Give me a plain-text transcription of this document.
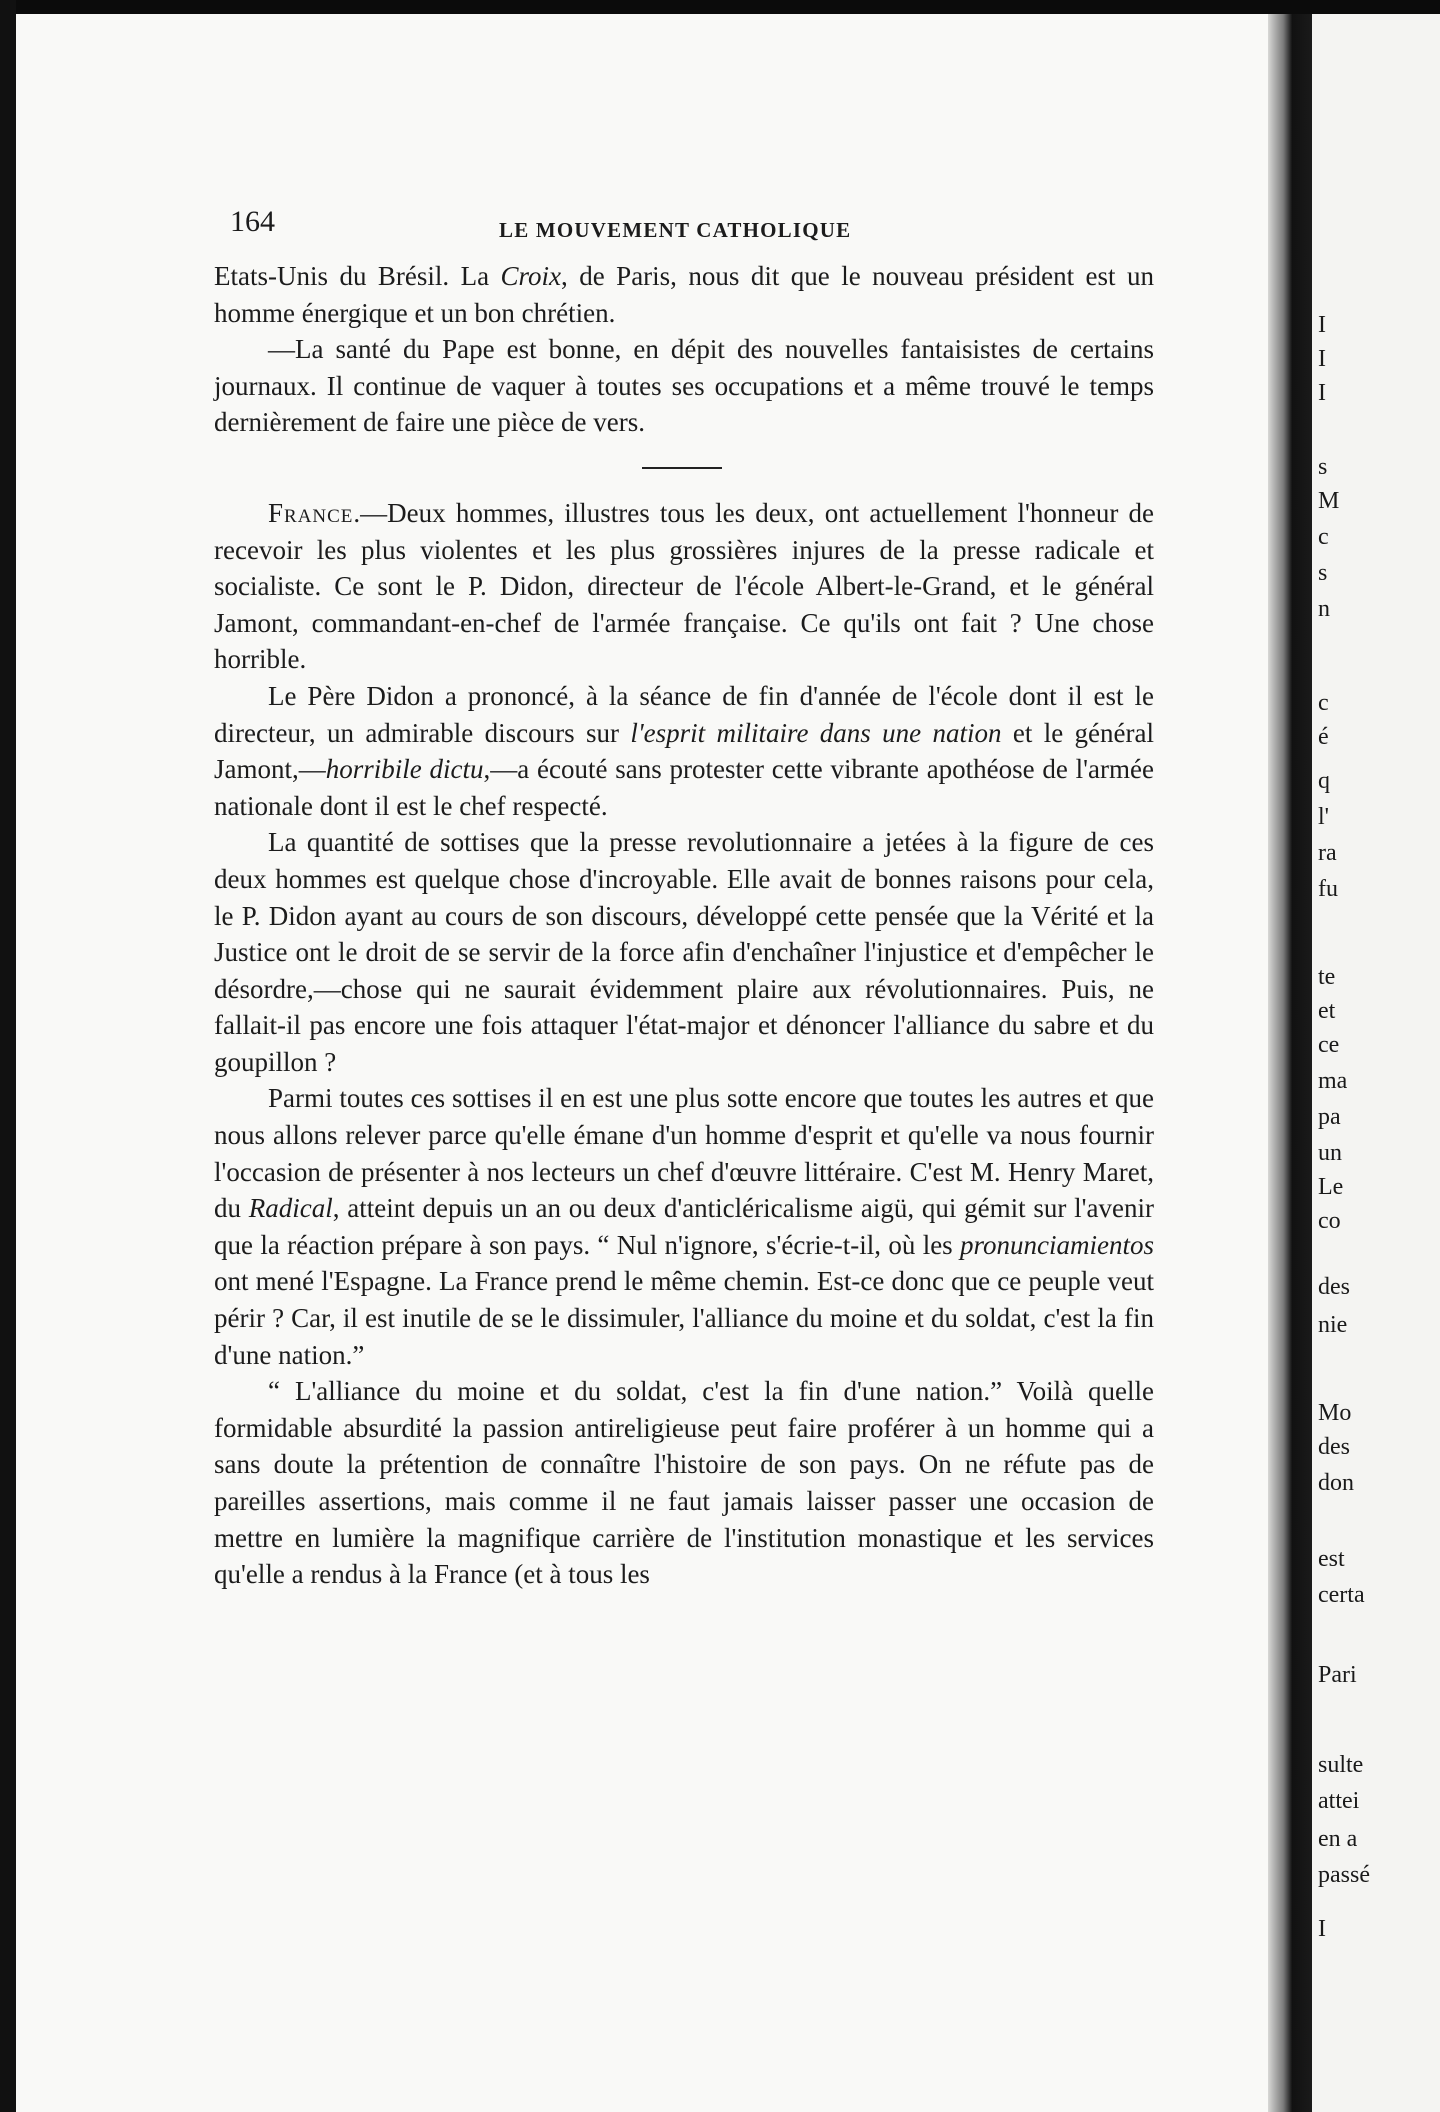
I
I
I
s
M
c
s
n
c
é
q
l'
ra
fu
te
et
ce
ma
pa
un
Le
co
des
nie
Mo
des
don
est
certa
Pari
sulte
attei
en a
passé
I
164	LE MOUVEMENT CATHOLIQUE

Etats-Unis du Brésil. La Croix, de Paris, nous dit que le nouveau président est un homme énergique et un bon chrétien.

—La santé du Pape est bonne, en dépit des nouvelles fantaisistes de certains journaux. Il continue de vaquer à toutes ses occupations et a même trouvé le temps dernièrement de faire une pièce de vers.

France.—Deux hommes, illustres tous les deux, ont actuellement l'honneur de recevoir les plus violentes et les plus grossières injures de la presse radicale et socialiste. Ce sont le P. Didon, directeur de l'école Albert-le-Grand, et le général Jamont, commandant-en-chef de l'armée française. Ce qu'ils ont fait ? Une chose horrible.

Le Père Didon a prononcé, à la séance de fin d'année de l'école dont il est le directeur, un admirable discours sur l'esprit militaire dans une nation et le général Jamont,—horribile dictu,—a écouté sans protester cette vibrante apothéose de l'armée nationale dont il est le chef respecté.

La quantité de sottises que la presse revolutionnaire a jetées à la figure de ces deux hommes est quelque chose d'incroyable. Elle avait de bonnes raisons pour cela, le P. Didon ayant au cours de son discours, développé cette pensée que la Vérité et la Justice ont le droit de se servir de la force afin d'enchaîner l'injustice et d'empêcher le désordre,—chose qui ne saurait évidemment plaire aux révolutionnaires. Puis, ne fallait-il pas encore une fois attaquer l'état-major et dénoncer l'alliance du sabre et du goupillon ?

Parmi toutes ces sottises il en est une plus sotte encore que toutes les autres et que nous allons relever parce qu'elle émane d'un homme d'esprit et qu'elle va nous fournir l'occasion de présenter à nos lecteurs un chef d'œuvre littéraire. C'est M. Henry Maret, du Radical, atteint depuis un an ou deux d'anticléricalisme aigü, qui gémit sur l'avenir que la réaction prépare à son pays. “ Nul n'ignore, s'écrie-t-il, où les pronunciamientos ont mené l'Espagne. La France prend le même chemin. Est-ce donc que ce peuple veut périr ? Car, il est inutile de se le dissimuler, l'alliance du moine et du soldat, c'est la fin d'une nation.”

“ L'alliance du moine et du soldat, c'est la fin d'une nation.” Voilà quelle formidable absurdité la passion antireligieuse peut faire proférer à un homme qui a sans doute la prétention de connaître l'histoire de son pays. On ne réfute pas de pareilles assertions, mais comme il ne faut jamais laisser passer une occasion de mettre en lumière la magnifique carrière de l'institution monastique et les services qu'elle a rendus à la France (et à tous les
